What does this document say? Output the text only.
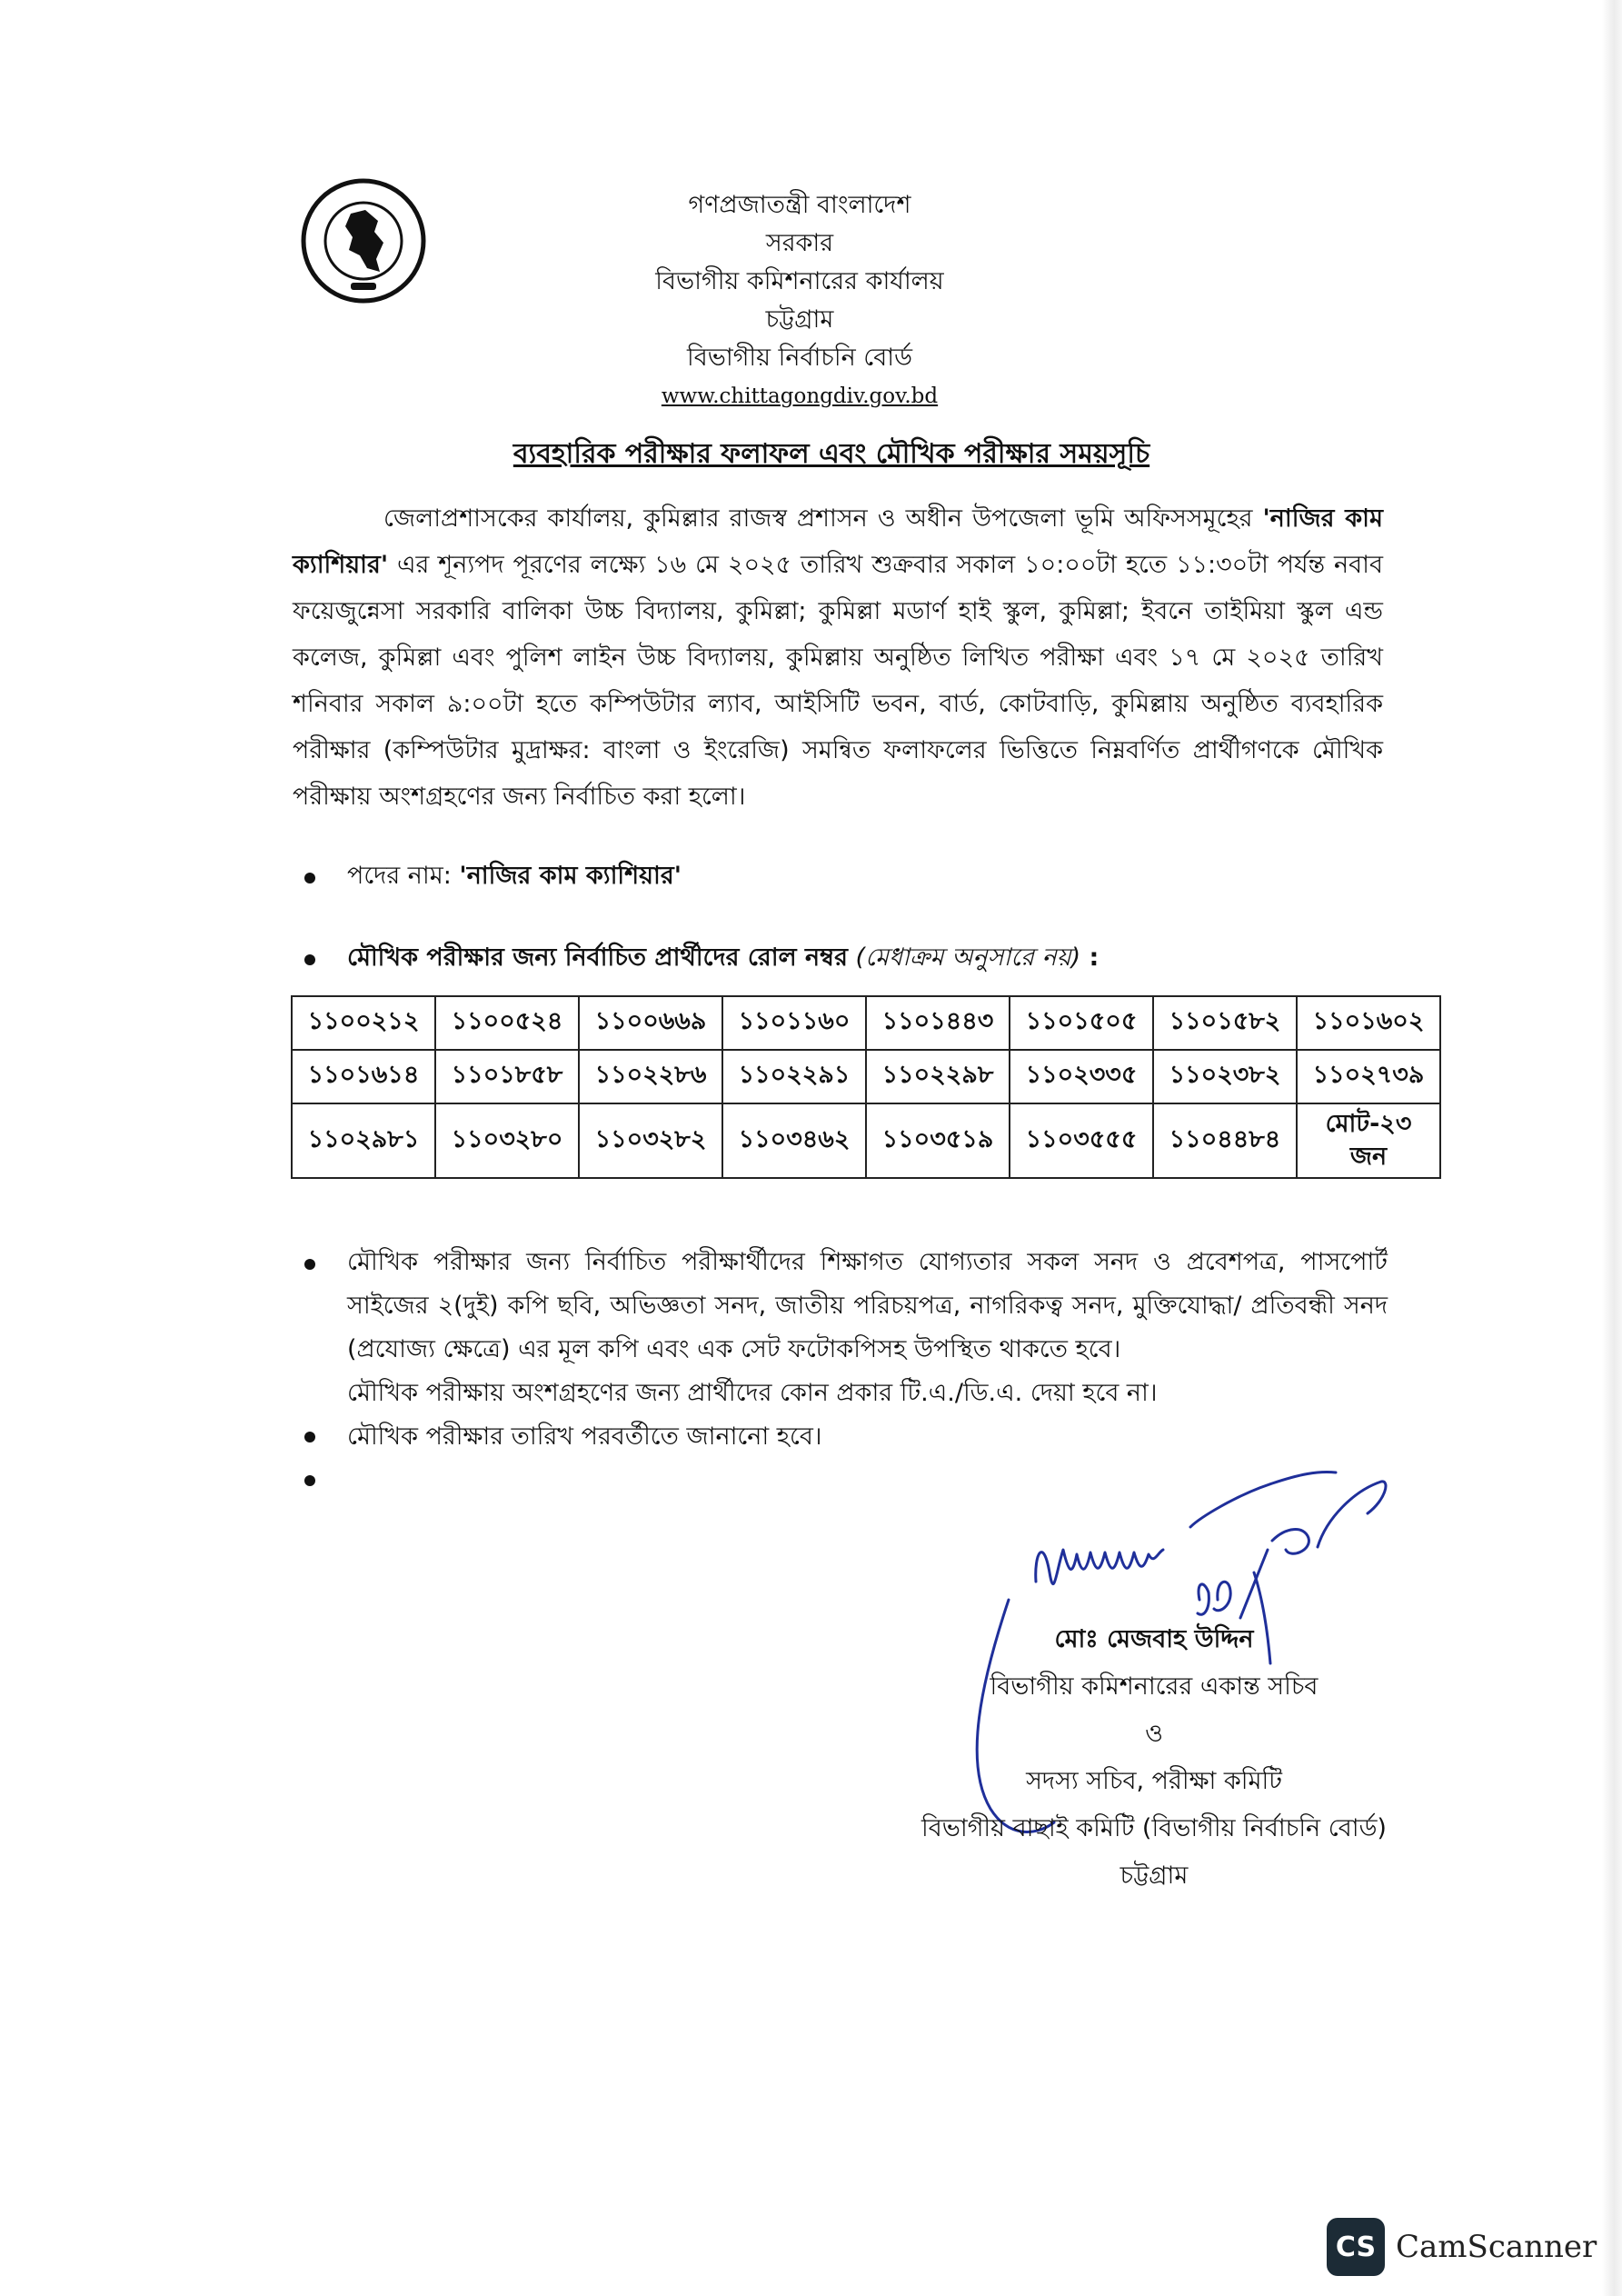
গণপ্রজাতন্ত্রী বাংলাদেশ সরকার
বিভাগীয় কমিশনারের কার্যালয়
চট্টগ্রাম
বিভাগীয় নির্বাচনি বোর্ড
www.chittagongdiv.gov.bd
ব্যবহারিক পরীক্ষার ফলাফল এবং মৌখিক পরীক্ষার সময়সূচি
জেলাপ্রশাসকের কার্যালয়, কুমিল্লার রাজস্ব প্রশাসন ও অধীন উপজেলা ভূমি অফিসসমূহের 'নাজির কাম ক্যাশিয়ার' এর শূন্যপদ পূরণের লক্ষ্যে ১৬ মে ২০২৫ তারিখ শুক্রবার সকাল ১০:০০টা হতে ১১:৩০টা পর্যন্ত নবাব ফয়েজুন্নেসা সরকারি বালিকা উচ্চ বিদ্যালয়, কুমিল্লা; কুমিল্লা মডার্ণ হাই স্কুল, কুমিল্লা; ইবনে তাইমিয়া স্কুল এন্ড কলেজ, কুমিল্লা এবং পুলিশ লাইন উচ্চ বিদ্যালয়, কুমিল্লায় অনুষ্ঠিত লিখিত পরীক্ষা এবং ১৭ মে ২০২৫ তারিখ শনিবার সকাল ৯:০০টা হতে কম্পিউটার ল্যাব, আইসিটি ভবন, বার্ড, কোটবাড়ি, কুমিল্লায় অনুষ্ঠিত ব্যবহারিক পরীক্ষার (কম্পিউটার মুদ্রাক্ষর: বাংলা ও ইংরেজি) সমন্বিত ফলাফলের ভিত্তিতে নিম্নবর্ণিত প্রার্থীগণকে মৌখিক পরীক্ষায় অংশগ্রহণের জন্য নির্বাচিত করা হলো।
পদের নাম: 'নাজির কাম ক্যাশিয়ার'
মৌখিক পরীক্ষার জন্য নির্বাচিত প্রার্থীদের রোল নম্বর (মেধাক্রম অনুসারে নয়) :
১১০০২১২	১১০০৫২৪	১১০০৬৬৯	১১০১১৬০	১১০১৪৪৩	১১০১৫০৫	১১০১৫৮২	১১০১৬০২
১১০১৬১৪	১১০১৮৫৮	১১০২২৮৬	১১০২২৯১	১১০২২৯৮	১১০২৩৩৫	১১০২৩৮২	১১০২৭৩৯
১১০২৯৮১	১১০৩২৮০	১১০৩২৮২	১১০৩৪৬২	১১০৩৫১৯	১১০৩৫৫৫	১১০৪৪৮৪	মোট-২৩
জন
মৌখিক পরীক্ষার জন্য নির্বাচিত পরীক্ষার্থীদের শিক্ষাগত যোগ্যতার সকল সনদ ও প্রবেশপত্র, পাসপোর্ট সাইজের ২(দুই) কপি ছবি, অভিজ্ঞতা সনদ, জাতীয় পরিচয়পত্র, নাগরিকত্ব সনদ, মুক্তিযোদ্ধা/ প্রতিবন্ধী সনদ (প্রযোজ্য ক্ষেত্রে) এর মূল কপি এবং এক সেট ফটোকপিসহ উপস্থিত থাকতে হবে।
মৌখিক পরীক্ষায় অংশগ্রহণের জন্য প্রার্থীদের কোন প্রকার টি.এ./ডি.এ. দেয়া হবে না।
মৌখিক পরীক্ষার তারিখ পরবর্তীতে জানানো হবে।
মোঃ মেজবাহ উদ্দিন
বিভাগীয় কমিশনারের একান্ত সচিব
ও
সদস্য সচিব, পরীক্ষা কমিটি
বিভাগীয় বাছাই কমিটি (বিভাগীয় নির্বাচনি বোর্ড)
চট্টগ্রাম
CS CamScanner
